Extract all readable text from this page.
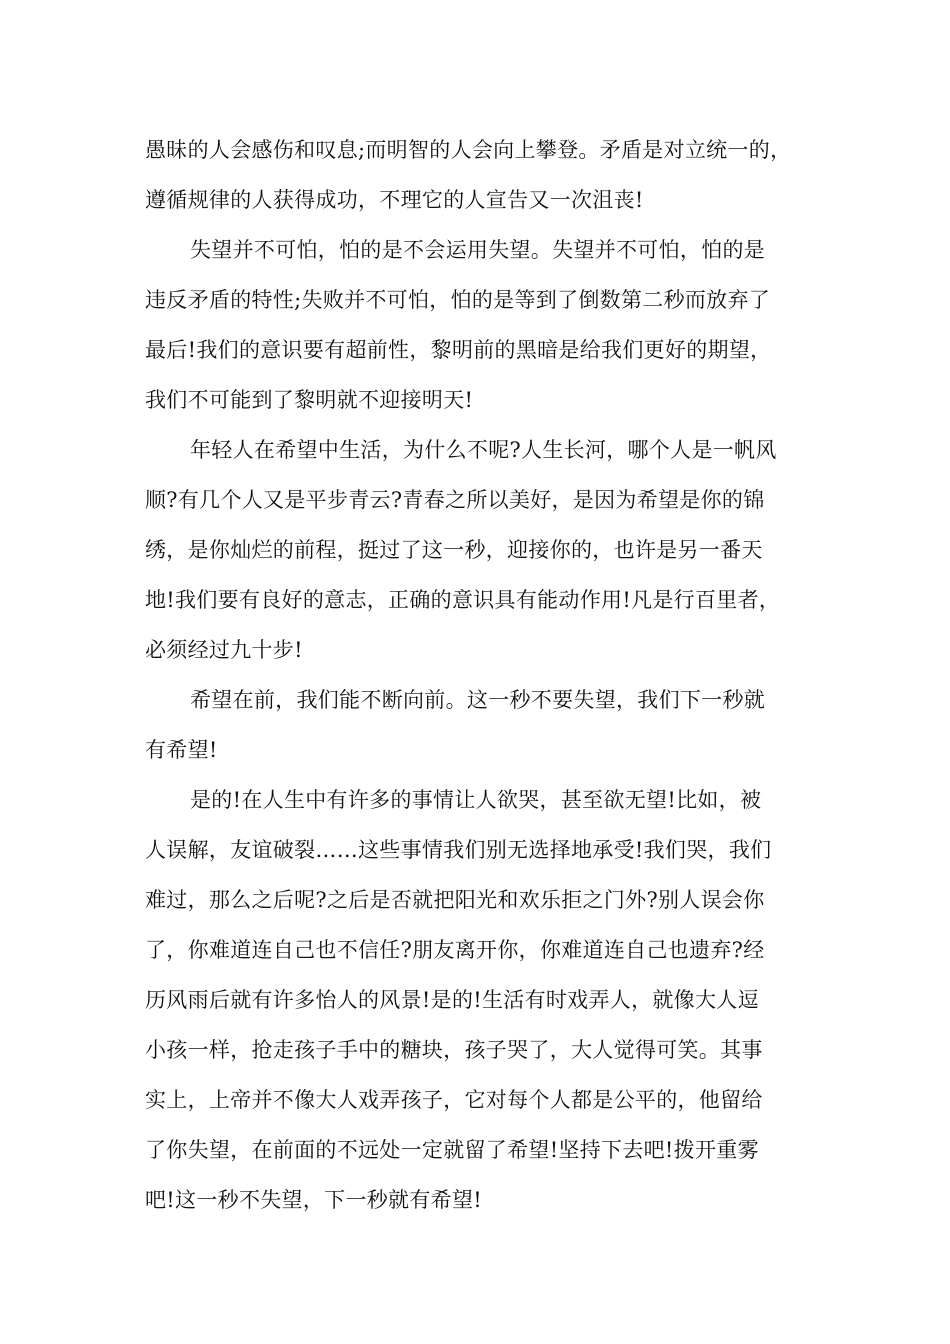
愚昧的人会感伤和叹息;而明智的人会向上攀登。矛盾是对立统一的，
遵循规律的人获得成功，不理它的人宣告又一次沮丧!
失望并不可怕，怕的是不会运用失望。失望并不可怕，怕的是
违反矛盾的特性;失败并不可怕，怕的是等到了倒数第二秒而放弃了
最后!我们的意识要有超前性，黎明前的黑暗是给我们更好的期望，
我们不可能到了黎明就不迎接明天!
年轻人在希望中生活，为什么不呢?人生长河，哪个人是一帆风
顺?有几个人又是平步青云?青春之所以美好，是因为希望是你的锦
绣，是你灿烂的前程，挺过了这一秒，迎接你的，也许是另一番天
地!我们要有良好的意志，正确的意识具有能动作用!凡是行百里者，
必须经过九十步!
希望在前，我们能不断向前。这一秒不要失望，我们下一秒就
有希望!
是的!在人生中有许多的事情让人欲哭，甚至欲无望!比如，被
人误解，友谊破裂……这些事情我们别无选择地承受!我们哭，我们
难过，那么之后呢?之后是否就把阳光和欢乐拒之门外?别人误会你
了，你难道连自己也不信任?朋友离开你，你难道连自己也遗弃?经
历风雨后就有许多怡人的风景!是的!生活有时戏弄人，就像大人逗
小孩一样，抢走孩子手中的糖块，孩子哭了，大人觉得可笑。其事
实上，上帝并不像大人戏弄孩子，它对每个人都是公平的，他留给
了你失望，在前面的不远处一定就留了希望!坚持下去吧!拨开重雾
吧!这一秒不失望，下一秒就有希望!
